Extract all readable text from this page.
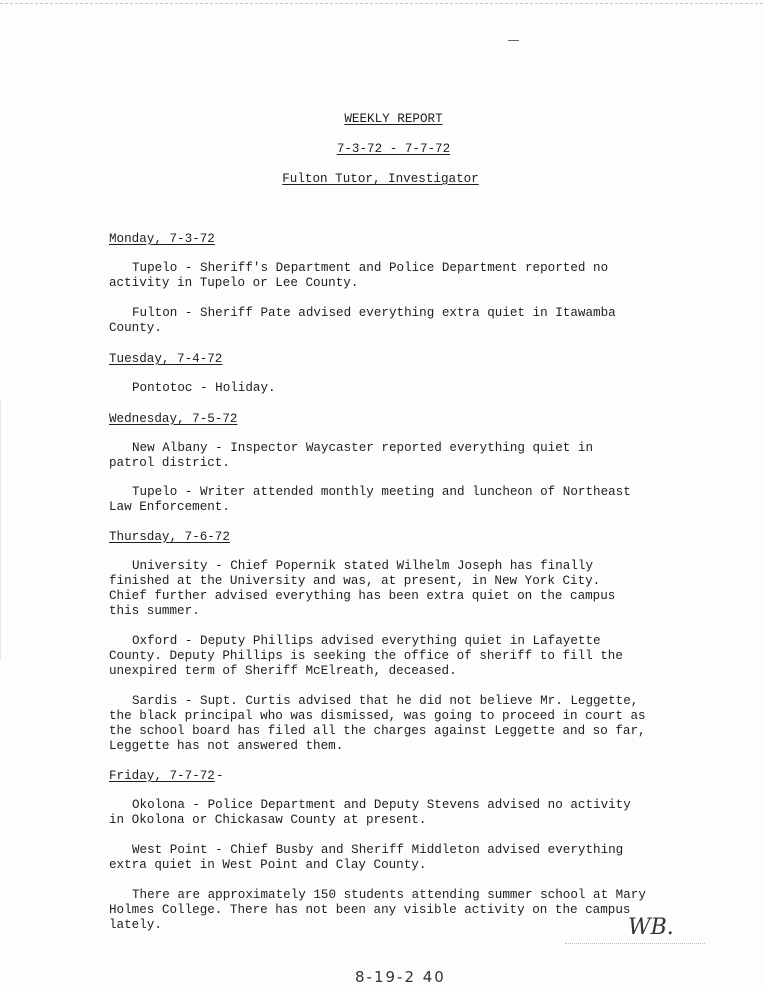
WEEKLY REPORT
7-3-72 - 7-7-72
Fulton Tutor, Investigator
Monday, 7-3-72
Tupelo - Sheriff's Department and Police Department reported no
activity in Tupelo or Lee County.
Fulton - Sheriff Pate advised everything extra quiet in Itawamba
County.
Tuesday, 7-4-72
Pontotoc - Holiday.
Wednesday, 7-5-72
New Albany - Inspector Waycaster reported everything quiet in
patrol district.
Tupelo - Writer attended monthly meeting and luncheon of Northeast
Law Enforcement.
Thursday, 7-6-72
University - Chief Popernik stated Wilhelm Joseph has finally
finished at the University and was, at present, in New York City.
Chief further advised everything has been extra quiet on the campus
this summer.
Oxford - Deputy Phillips advised everything quiet in Lafayette
County. Deputy Phillips is seeking the office of sheriff to fill the
unexpired term of Sheriff McElreath, deceased.
Sardis - Supt. Curtis advised that he did not believe Mr. Leggette,
the black principal who was dismissed, was going to proceed in court as
the school board has filed all the charges against Leggette and so far,
Leggette has not answered them.
Friday, 7-7-72 -
Okolona - Police Department and Deputy Stevens advised no activity
in Okolona or Chickasaw County at present.
West Point - Chief Busby and Sheriff Middleton advised everything
extra quiet in West Point and Clay County.
There are approximately 150 students attending summer school at Mary
Holmes College. There has not been any visible activity on the campus
lately.	WB.
8-19-2 40
